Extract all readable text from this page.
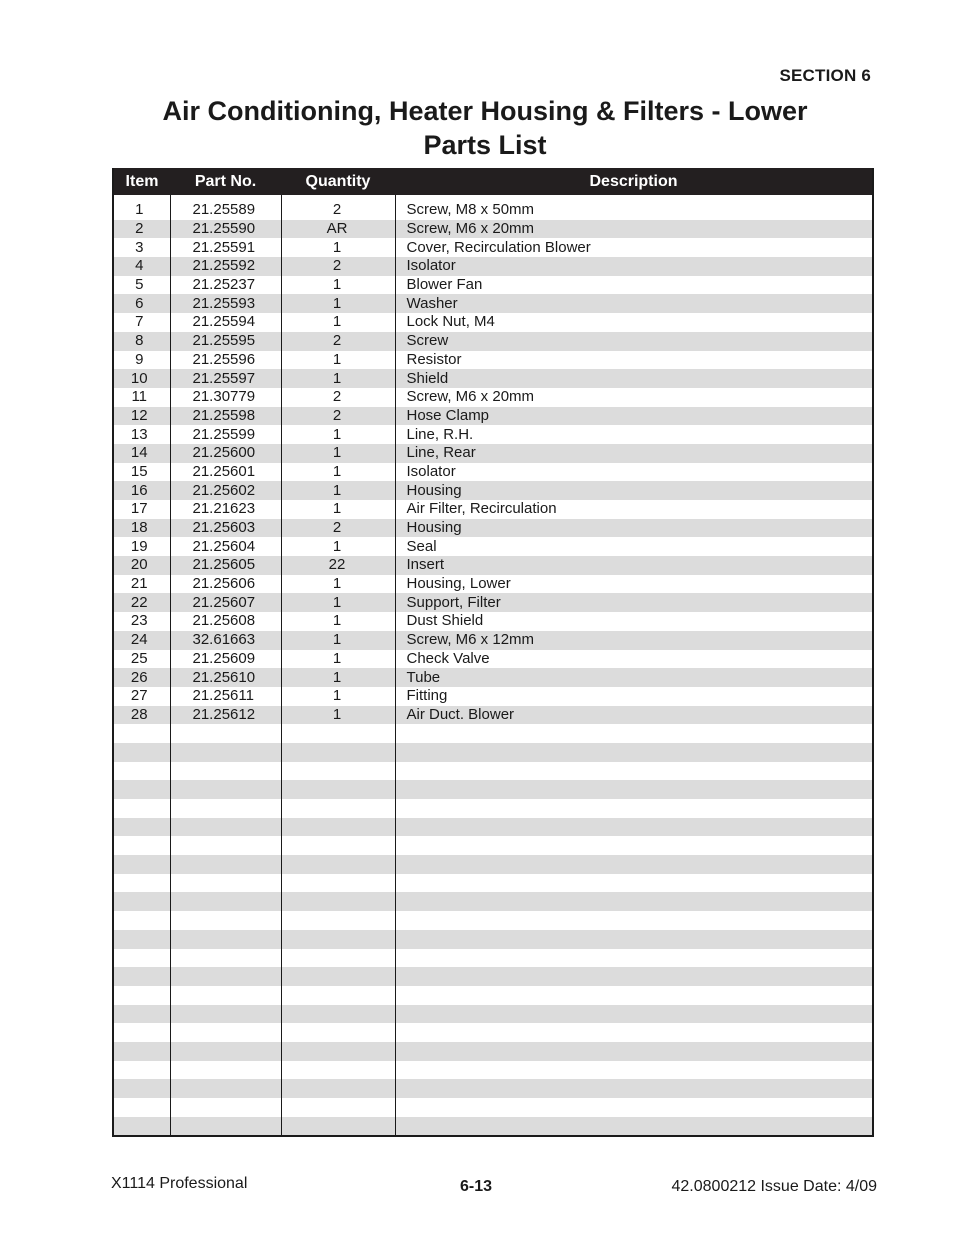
SECTION 6
Air Conditioning, Heater Housing & Filters - Lower
Parts List
Item	Part No.	Quantity	Description

1	21.25589	2	Screw, M8 x 50mm
2	21.25590	AR	Screw, M6 x 20mm
3	21.25591	1	Cover, Recirculation Blower
4	21.25592	2	Isolator
5	21.25237	1	Blower Fan
6	21.25593	1	Washer
7	21.25594	1	Lock Nut, M4
8	21.25595	2	Screw
9	21.25596	1	Resistor
10	21.25597	1	Shield
11	21.30779	2	Screw, M6 x 20mm
12	21.25598	2	Hose Clamp
13	21.25599	1	Line, R.H.
14	21.25600	1	Line, Rear
15	21.25601	1	Isolator
16	21.25602	1	Housing
17	21.21623	1	Air Filter, Recirculation
18	21.25603	2	Housing
19	21.25604	1	Seal
20	21.25605	22	Insert
21	21.25606	1	Housing, Lower
22	21.25607	1	Support, Filter
23	21.25608	1	Dust Shield
24	32.61663	1	Screw, M6 x 12mm
25	21.25609	1	Check Valve
26	21.25610	1	Tube
27	21.25611	1	Fitting
28	21.25612	1	Air Duct. Blower

X1114 Professional	6-13	42.0800212 Issue Date: 4/09
